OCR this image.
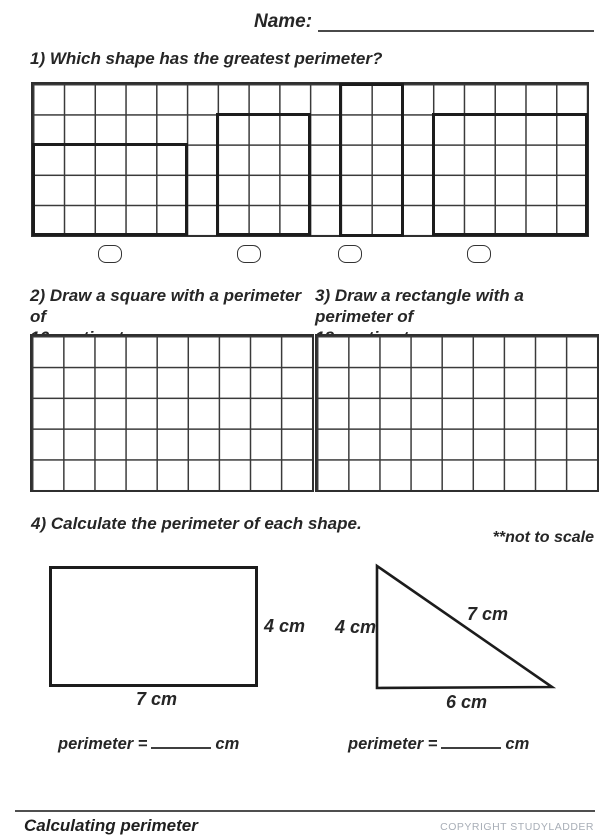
Name:
1) Which shape has the greatest perimeter?
2) Draw a square with a perimeter of

3) Draw a rectangle with a perimeter of

4) Calculate the perimeter of each shape.
**not to scale
4 cm
7 cm
4 cm
7 cm
6 cm
perimeter =	cm	perimeter =	cm
Calculating perimeter	COPYRIGHT STUDYLADDER
